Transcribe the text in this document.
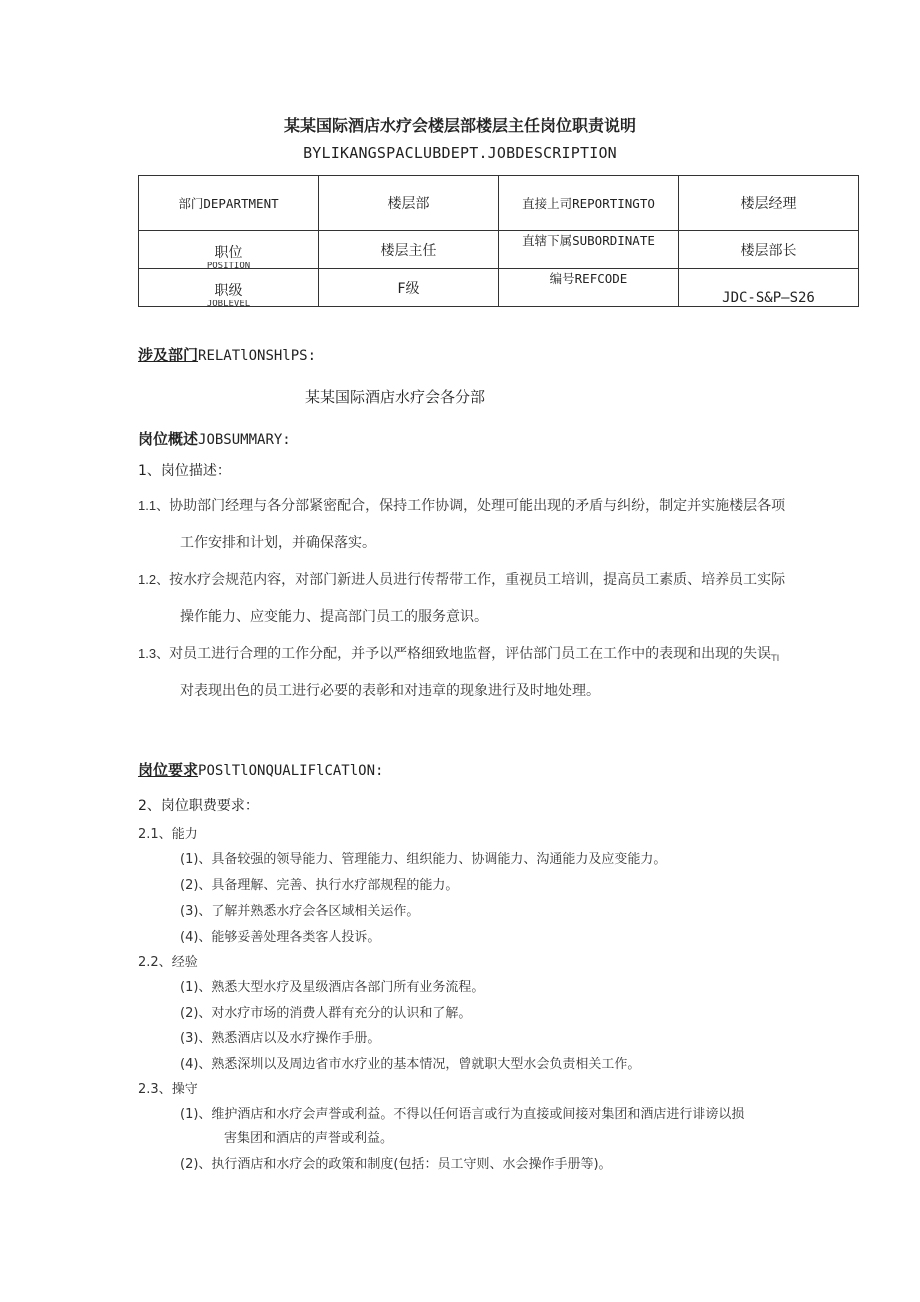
某某国际酒店水疗会楼层部楼层主任岗位职责说明
BYLIKANGSPACLUBDEPT.JOBDESCRIPTION
部门DEPARTMENT	楼层部	直接上司REPORTINGTO	楼层经理

职位
POSITION	楼层主任	直辖下属SUBORDINATE	楼层部长

职级
JOBLEVEL	F级	编号REFCODE	JDC-S&P—S26
涉及部门RELATlONSHlPS:
某某国际酒店水疗会各分部
岗位概述JOBSUMMARY:
1、岗位描述：
1.1、协助部门经理与各分部紧密配合，保持工作协调，处理可能出现的矛盾与纠纷，制定并实施楼层各项
工作安排和计划，并确保落实。
1.2、按水疗会规范内容，对部门新进人员进行传帮带工作，重视员工培训，提高员工素质、培养员工实际
操作能力、应变能力、提高部门员工的服务意识。
1.3、对员工进行合理的工作分配，并予以严格细致地监督，评估部门员工在工作中的表现和出现的失误$_{TI}$
对表现出色的员工进行必要的表彰和对违章的现象进行及时地处理。
岗位要求POSlTlONQUALIFlCATlON:
2、岗位职费要求：
2.1、能力
(1)、具备较强的领导能力、管理能力、组织能力、协调能力、沟通能力及应变能力。
(2)、具备理解、完善、执行水疗部规程的能力。
(3)、了解并熟悉水疗会各区域相关运作。
(4)、能够妥善处理各类客人投诉。
2.2、经验
(1)、熟悉大型水疗及星级酒店各部门所有业务流程。
(2)、对水疗市场的消费人群有充分的认识和了解。
(3)、熟悉酒店以及水疗操作手册。
(4)、熟悉深圳以及周边省市水疗业的基本情况，曾就职大型水会负责相关工作。
2.3、操守
(1)、维护酒店和水疗会声誉或利益。不得以任何语言或行为直接或间接对集团和酒店进行诽谤以损
害集团和酒店的声誉或利益。
(2)、执行酒店和水疗会的政策和制度(包括：员工守则、水会操作手册等)。
